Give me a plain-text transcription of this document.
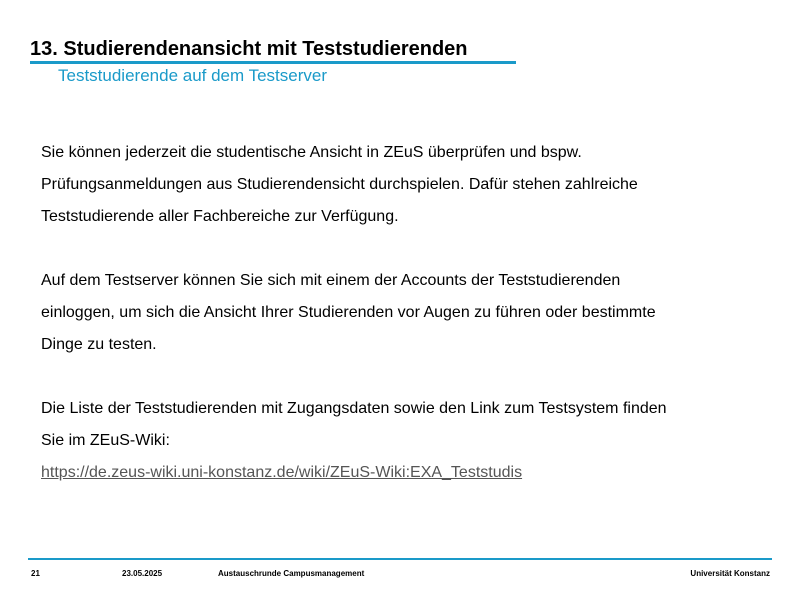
13. Studierendenansicht mit Teststudierenden
Teststudierende auf dem Testserver
Sie können jederzeit die studentische Ansicht in ZEuS überprüfen und bspw.
Prüfungsanmeldungen aus Studierendensicht durchspielen. Dafür stehen zahlreiche
Teststudierende aller Fachbereiche zur Verfügung.
Auf dem Testserver können Sie sich mit einem der Accounts der Teststudierenden
einloggen, um sich die Ansicht Ihrer Studierenden vor Augen zu führen oder bestimmte
Dinge zu testen.
Die Liste der Teststudierenden mit Zugangsdaten sowie den Link zum Testsystem finden
Sie im ZEuS-Wiki:
https://de.zeus-wiki.uni-konstanz.de/wiki/ZEuS-Wiki:EXA_Teststudis
21	23.05.2025	Austauschrunde Campusmanagement	Universität Konstanz
